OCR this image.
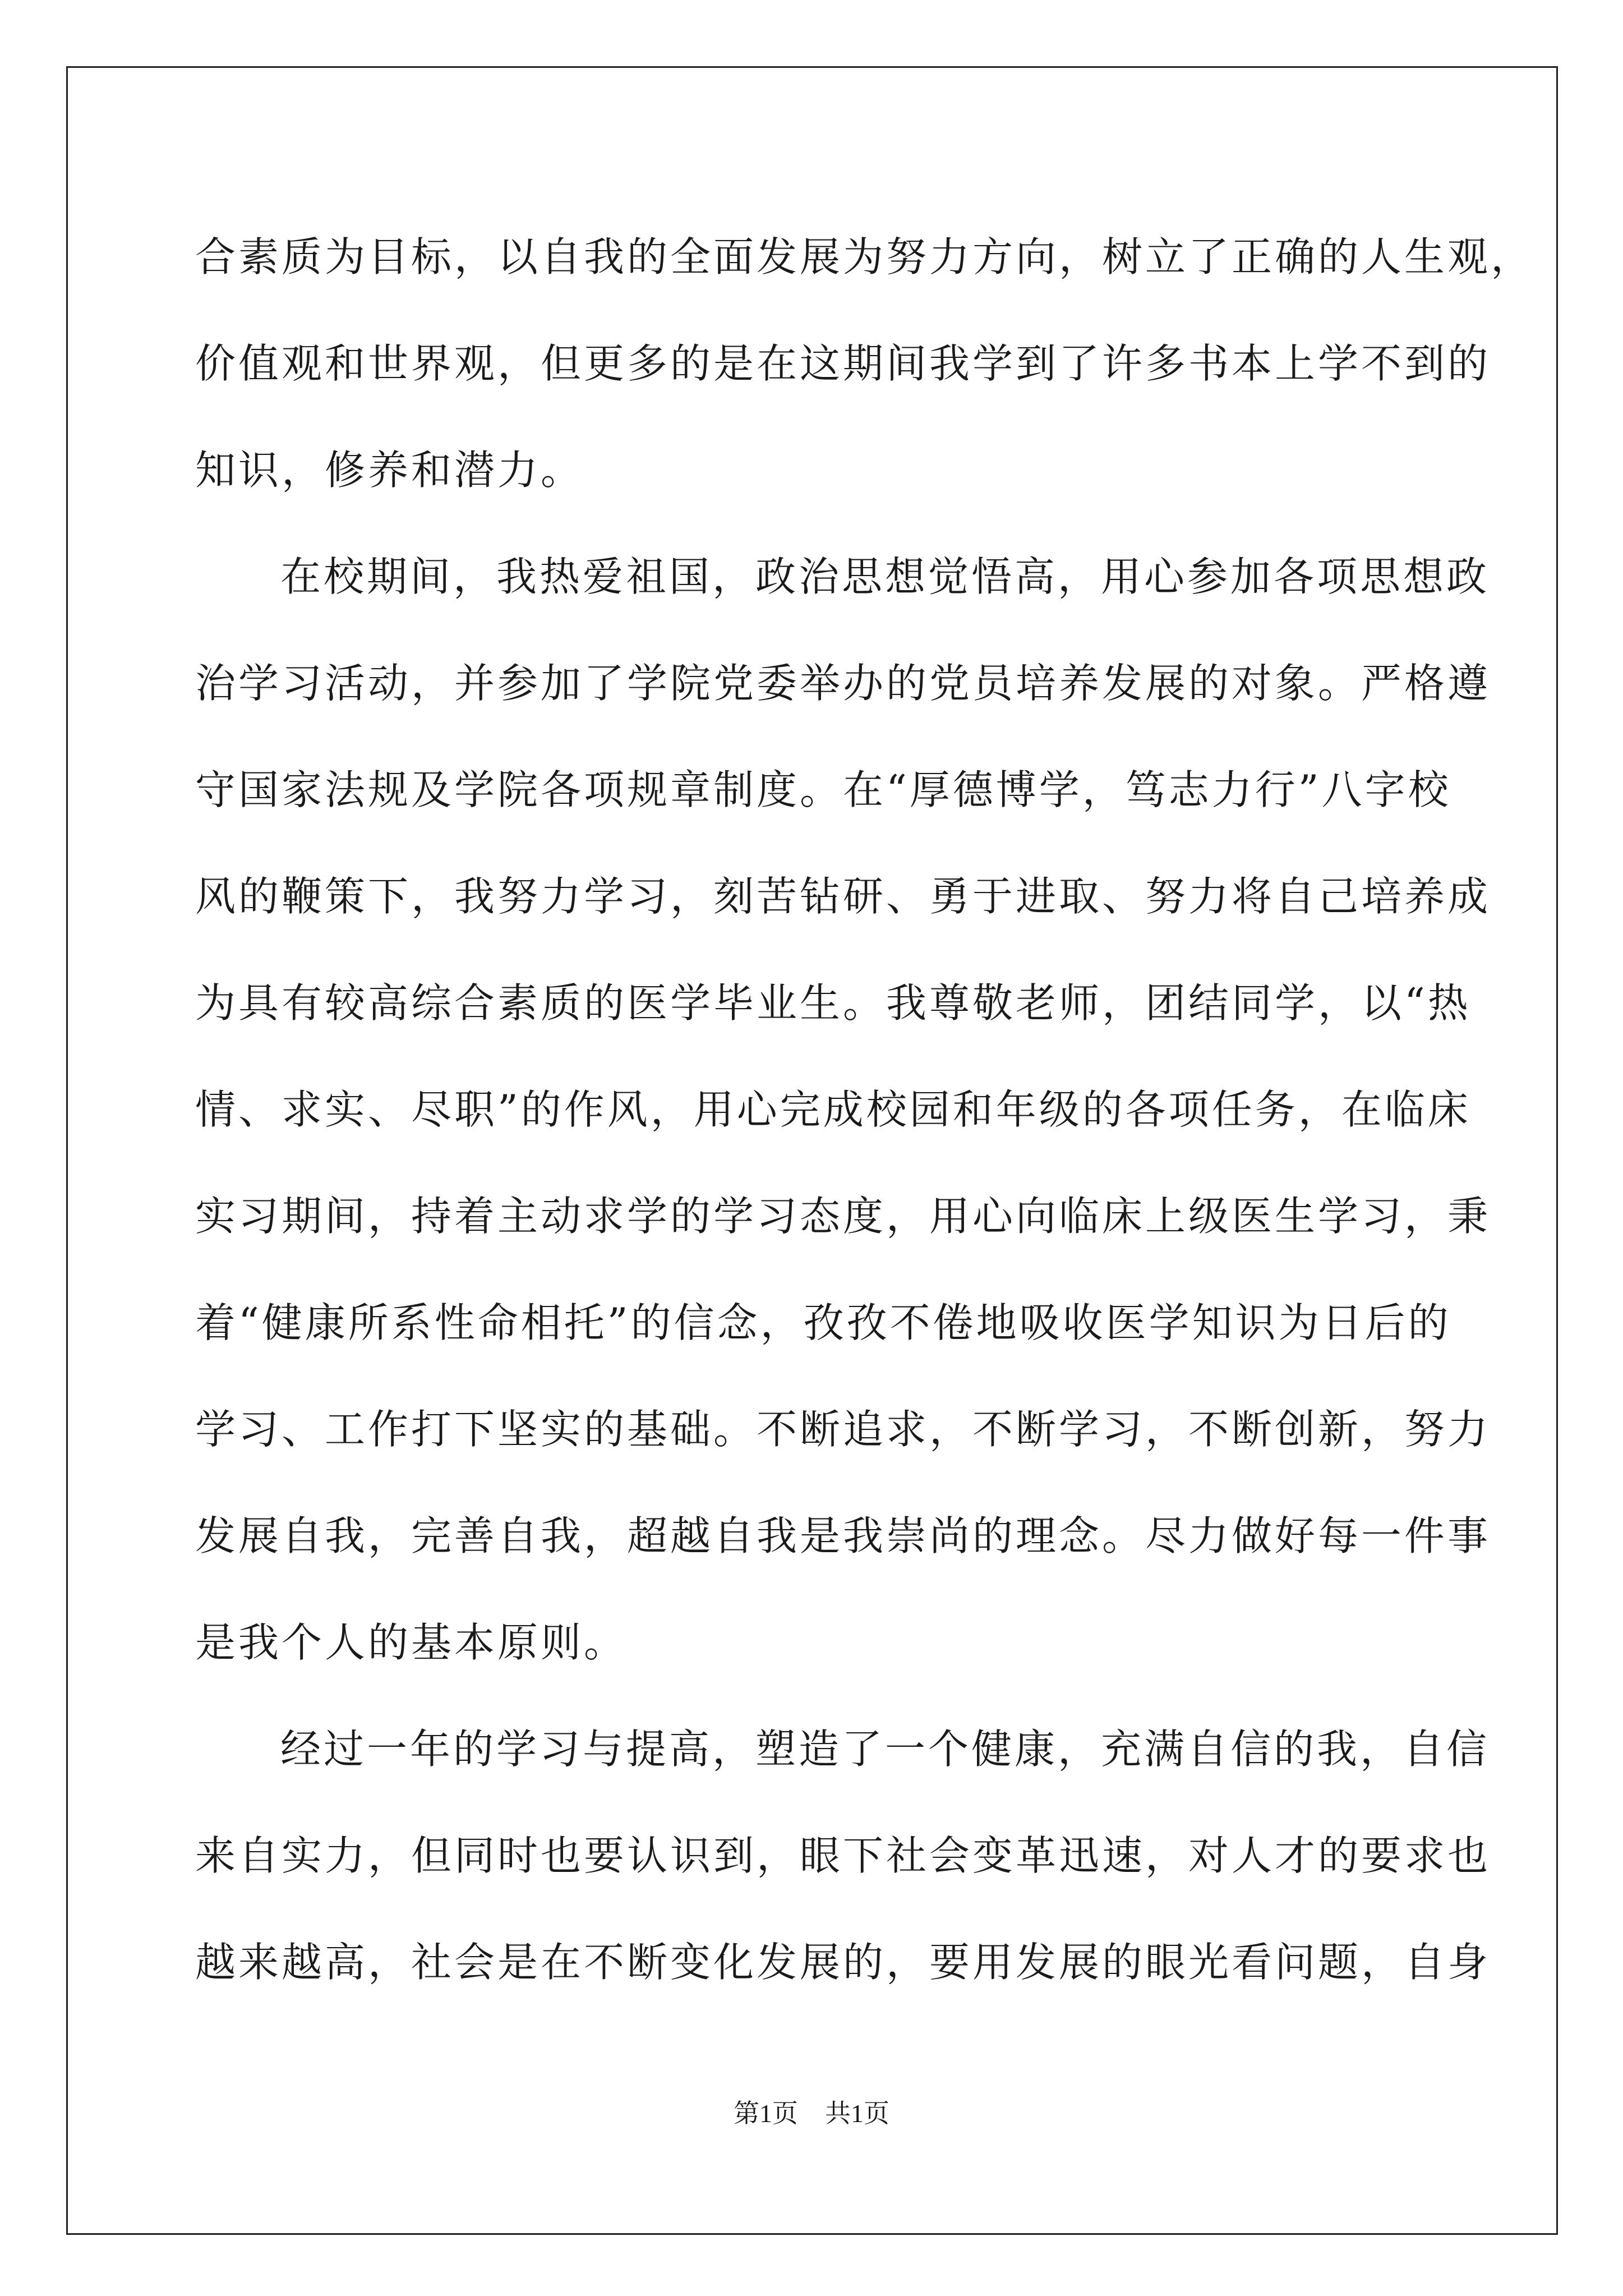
合素质为目标，以自我的全面发展为努力方向，树立了正确的人生观，
价值观和世界观，但更多的是在这期间我学到了许多书本上学不到的
知识，修养和潜力。
在校期间，我热爱祖国，政治思想觉悟高，用心参加各项思想政
治学习活动，并参加了学院党委举办的党员培养发展的对象。严格遵
守国家法规及学院各项规章制度。在“厚德博学，笃志力行”八字校
风的鞭策下，我努力学习，刻苦钻研、勇于进取、努力将自己培养成
为具有较高综合素质的医学毕业生。我尊敬老师，团结同学，以“热
情、求实、尽职”的作风，用心完成校园和年级的各项任务，在临床
实习期间，持着主动求学的学习态度，用心向临床上级医生学习，秉
着“健康所系性命相托”的信念，孜孜不倦地吸收医学知识为日后的
学习、工作打下坚实的基础。不断追求，不断学习，不断创新，努力
发展自我，完善自我，超越自我是我崇尚的理念。尽力做好每一件事
是我个人的基本原则。
经过一年的学习与提高，塑造了一个健康，充满自信的我，自信
来自实力，但同时也要认识到，眼下社会变革迅速，对人才的要求也
越来越高，社会是在不断变化发展的，要用发展的眼光看问题，自身
第1页 共1页
